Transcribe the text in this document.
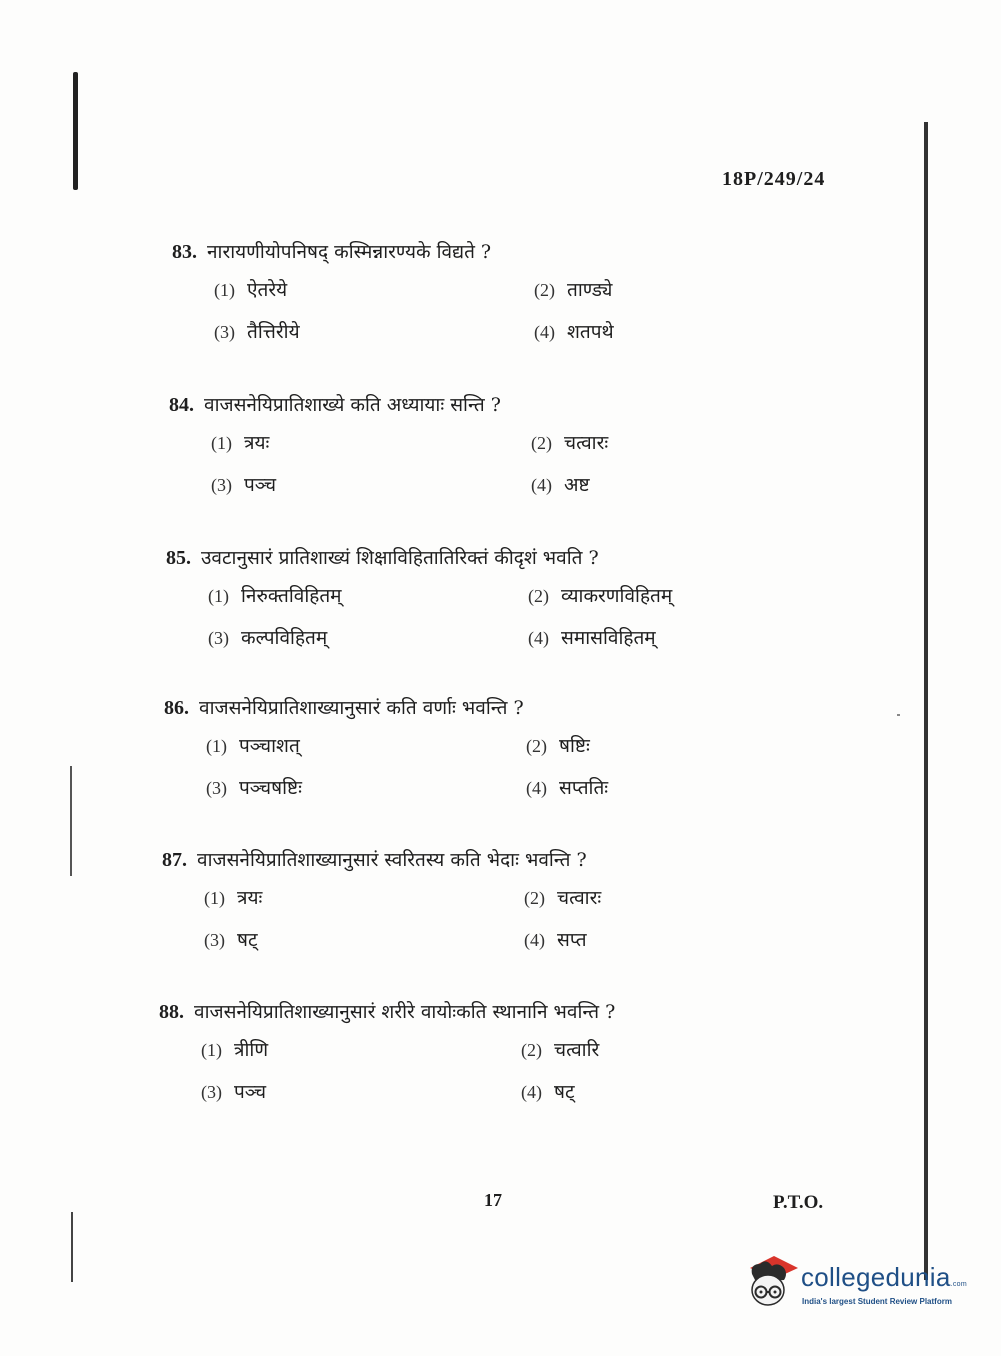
18P/249/24
83. नारायणीयोपनिषद् कस्मिन्नारण्यके विद्यते ?
(1) ऐतरेये	(2) ताण्ड्ये
(3) तैत्तिरीये	(4) शतपथे
84. वाजसनेयिप्रातिशाख्ये कति अध्यायाः सन्ति ?
(1) त्रयः	(2) चत्वारः
(3) पञ्च	(4) अष्ट
85. उवटानुसारं प्रातिशाख्यं शिक्षाविहितातिरिक्तं कीदृशं भवति ?
(1) निरुक्तविहितम्	(2) व्याकरणविहितम्
(3) कल्पविहितम्	(4) समासविहितम्
86. वाजसनेयिप्रातिशाख्यानुसारं कति वर्णाः भवन्ति ?
(1) पञ्चाशत्	(2) षष्टिः
(3) पञ्चषष्टिः	(4) सप्ततिः
87. वाजसनेयिप्रातिशाख्यानुसारं स्वरितस्य कति भेदाः भवन्ति ?
(1) त्रयः	(2) चत्वारः
(3) षट्	(4) सप्त
88. वाजसनेयिप्रातिशाख्यानुसारं शरीरे वायोःकति स्थानानि भवन्ति ?
(1) त्रीणि	(2) चत्वारि
(3) पञ्च	(4) षट्
17	P.T.O.
collegedunia.com
India's largest Student Review Platform
